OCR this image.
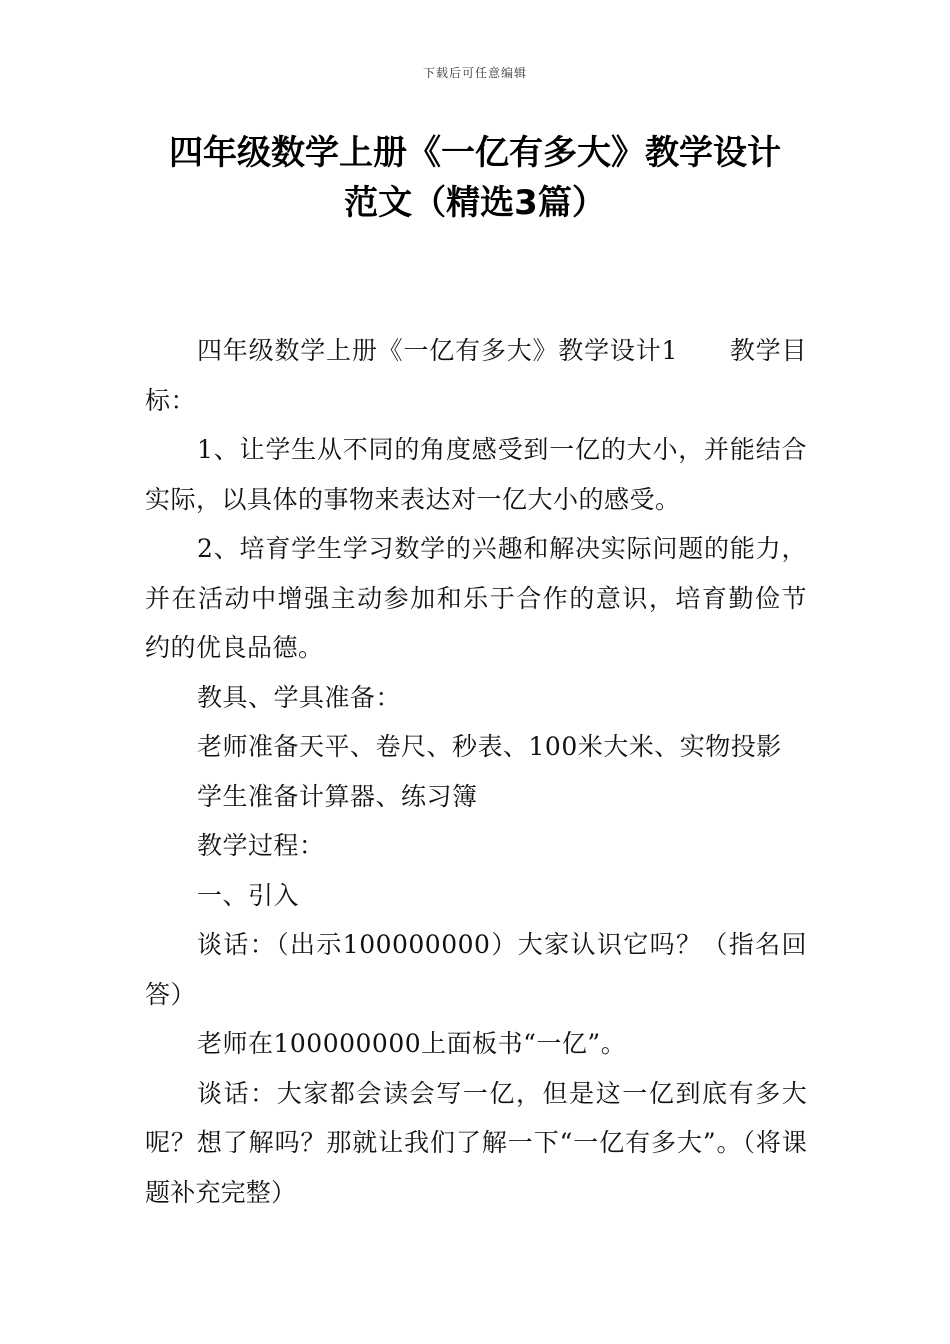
下载后可任意编辑
四年级数学上册《一亿有多大》教学设计
范文（精选3篇）

四年级数学上册《一亿有多大》教学设计1　　教学目标：

1、让学生从不同的角度感受到一亿的大小，并能结合实际，以具体的事物来表达对一亿大小的感受。

2、培育学生学习数学的兴趣和解决实际问题的能力，并在活动中增强主动参加和乐于合作的意识，培育勤俭节约的优良品德。

教具、学具准备：

老师准备天平、卷尺、秒表、100米大米、实物投影

学生准备计算器、练习簿

教学过程：

一、引入

谈话：（出示100000000）大家认识它吗？（指名回答）

老师在100000000上面板书“一亿”。

谈话：大家都会读会写一亿，但是这一亿到底有多大呢？想了解吗？那就让我们了解一下“一亿有多大”。（将课题补充完整）
